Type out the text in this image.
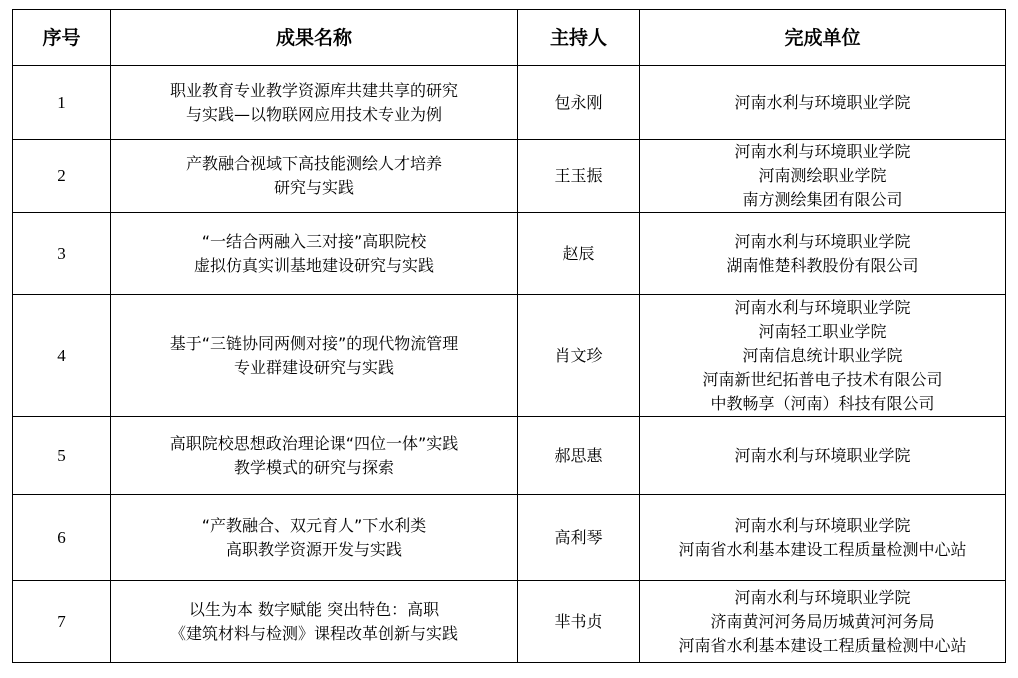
序号	成果名称	主持人	完成单位
1	职业教育专业教学资源库共建共享的研究
与实践—以物联网应用技术专业为例	包永刚	河南水利与环境职业学院

2	产教融合视域下高技能测绘人才培养
研究与实践	王玉振	河南水利与环境职业学院
河南测绘职业学院
南方测绘集团有限公司

3	“一结合两融入三对接”高职院校
虚拟仿真实训基地建设研究与实践	赵辰	河南水利与环境职业学院
湖南惟楚科教股份有限公司

4	基于“三链协同两侧对接”的现代物流管理
专业群建设研究与实践	肖文珍	河南水利与环境职业学院
河南轻工职业学院
河南信息统计职业学院
河南新世纪拓普电子技术有限公司
中教畅享（河南）科技有限公司

5	高职院校思想政治理论课“四位一体”实践
教学模式的研究与探索	郝思惠	河南水利与环境职业学院

6	“产教融合、双元育人”下水利类
高职教学资源开发与实践	高利琴	河南水利与环境职业学院
河南省水利基本建设工程质量检测中心站

7	以生为本 数字赋能 突出特色：高职
《建筑材料与检测》课程改革创新与实践	芈书贞	河南水利与环境职业学院
济南黄河河务局历城黄河河务局
河南省水利基本建设工程质量检测中心站
